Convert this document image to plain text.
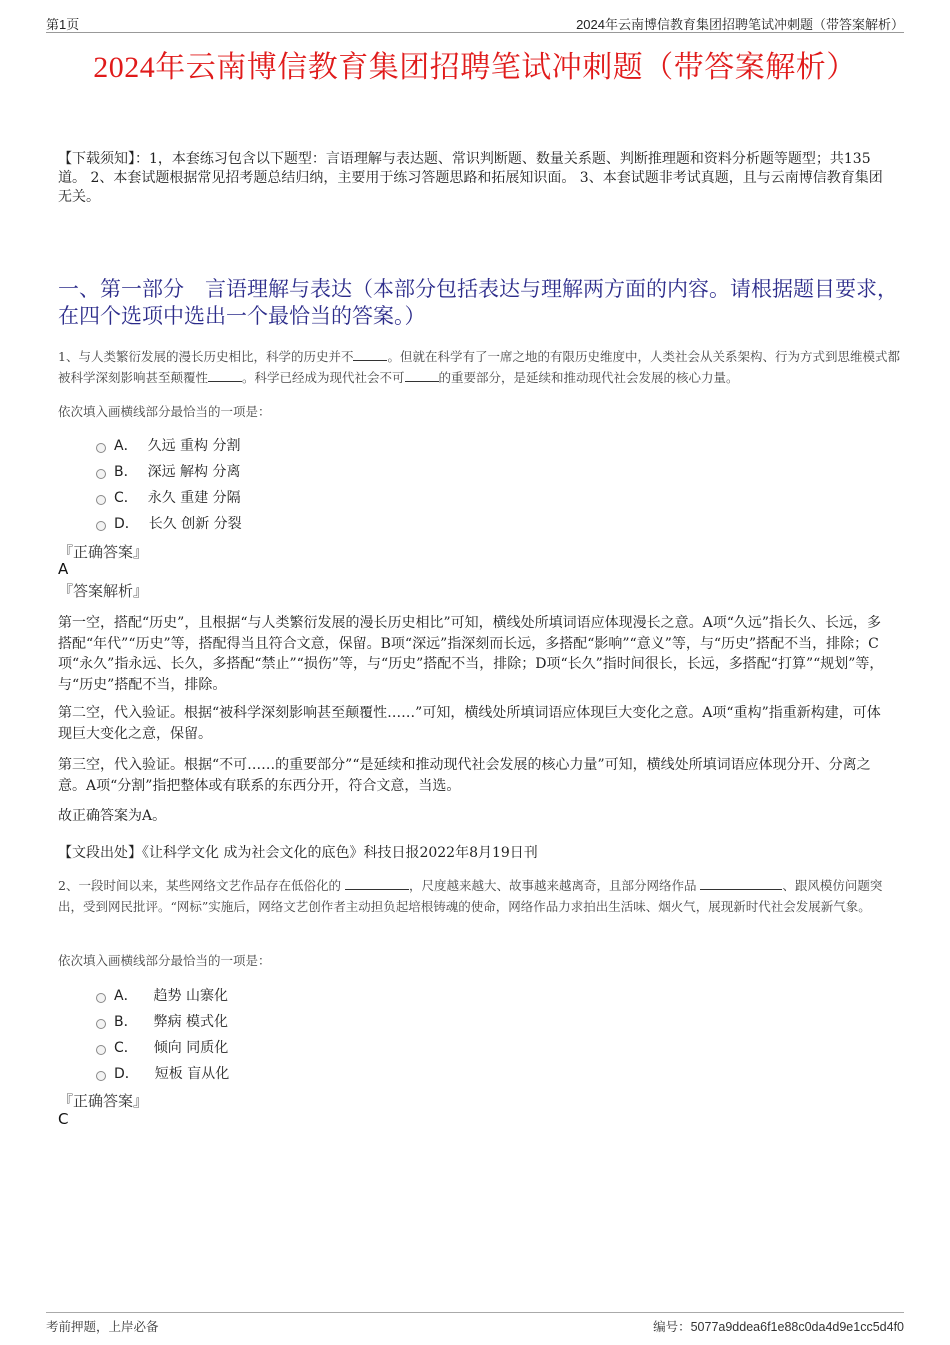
第1页	2024年云南博信教育集团招聘笔试冲刺题（带答案解析）
2024年云南博信教育集团招聘笔试冲刺题（带答案解析）
【下载须知】：1，本套练习包含以下题型：言语理解与表达题、常识判断题、数量关系题、判断推理题和资料分析题等题型；共135道。 2、本套试题根据常见招考题总结归纳，主要用于练习答题思路和拓展知识面。 3、本套试题非考试真题，且与云南博信教育集团无关。
一、第一部分　言语理解与表达（本部分包括表达与理解两方面的内容。请根据题目要求，在四个选项中选出一个最恰当的答案。）
1、与人类繁衍发展的漫长历史相比，科学的历史并不	。但就在科学有了一席之地的有限历史维度中，人类社会从关系架构、行为方式到思维模式都被科学深刻影响甚至颠覆性	。科学已经成为现代社会不可	的重要部分，是延续和推动现代社会发展的核心力量。
依次填入画横线部分最恰当的一项是：
A． 久远 重构 分割
B． 深远 解构 分离
C． 永久 重建 分隔
D． 长久 创新 分裂
『正确答案』
A
『答案解析』
第一空，搭配“历史”，且根据“与人类繁衍发展的漫长历史相比”可知，横线处所填词语应体现漫长之意。A项“久远”指长久、长远，多搭配“年代”“历史”等，搭配得当且符合文意，保留。B项“深远”指深刻而长远，多搭配“影响”“意义”等，与“历史”搭配不当，排除；C项“永久”指永远、长久，多搭配“禁止”“损伤”等，与“历史”搭配不当，排除；D项“长久”指时间很长，长远，多搭配“打算”“规划”等，与“历史”搭配不当，排除。
第二空，代入验证。根据“被科学深刻影响甚至颠覆性……”可知，横线处所填词语应体现巨大变化之意。A项“重构”指重新构建，可体现巨大变化之意，保留。
第三空，代入验证。根据“不可……的重要部分”“是延续和推动现代社会发展的核心力量”可知，横线处所填词语应体现分开、分离之意。A项“分割”指把整体或有联系的东西分开，符合文意，当选。
故正确答案为A。
【文段出处】《让科学文化 成为社会文化的底色》科技日报2022年8月19日刊
2、一段时间以来，某些网络文艺作品存在低俗化的	，尺度越来越大、故事越来越离奇，且部分网络作品	、跟风模仿问题突出，受到网民批评。“网标”实施后，网络文艺创作者主动担负起培根铸魂的使命，网络作品力求拍出生活味、烟火气，展现新时代社会发展新气象。
依次填入画横线部分最恰当的一项是：
A． 趋势 山寨化
B． 弊病 模式化
C． 倾向 同质化
D． 短板 盲从化
『正确答案』
C
考前押题，上岸必备	编号：5077a9ddea6f1e88c0da4d9e1cc5d4f0
